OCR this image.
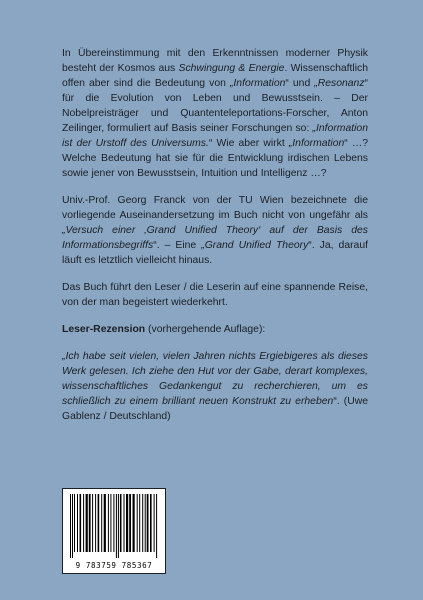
In Übereinstimmung mit den Erkenntnissen moderner Physik besteht der Kosmos aus Schwingung & Energie. Wissenschaftlich offen aber sind die Bedeutung von „Information“ und „Resonanz“ für die Evolution von Leben und Bewusstsein. – Der Nobelpreisträger und Quantenteleportations-Forscher, Anton Zeilinger, formuliert auf Basis seiner Forschungen so: „Information ist der Urstoff des Universums.“ Wie aber wirkt „Information“ …? Welche Bedeutung hat sie für die Entwicklung irdischen Lebens sowie jener von Bewusstsein, Intuition und Intelligenz …?

Univ.-Prof. Georg Franck von der TU Wien bezeichnete die vorliegende Auseinandersetzung im Buch nicht von ungefähr als „Versuch einer ‚Grand Unified Theory‘ auf der Basis des Informationsbegriffs“. – Eine „Grand Unified Theory“. Ja, darauf läuft es letztlich vielleicht hinaus.

Das Buch führt den Leser / die Leserin auf eine spannende Reise, von der man begeistert wiederkehrt.

Leser-Rezension (vorhergehende Auflage):

„Ich habe seit vielen, vielen Jahren nichts Ergiebigeres als dieses Werk gelesen. Ich ziehe den Hut vor der Gabe, derart komplexes, wissenschaftliches Gedankengut zu recherchieren, um es schließlich zu einem brilliant neuen Konstrukt zu erheben“. (Uwe Gablenz / Deutschland)

9 783759 785367
